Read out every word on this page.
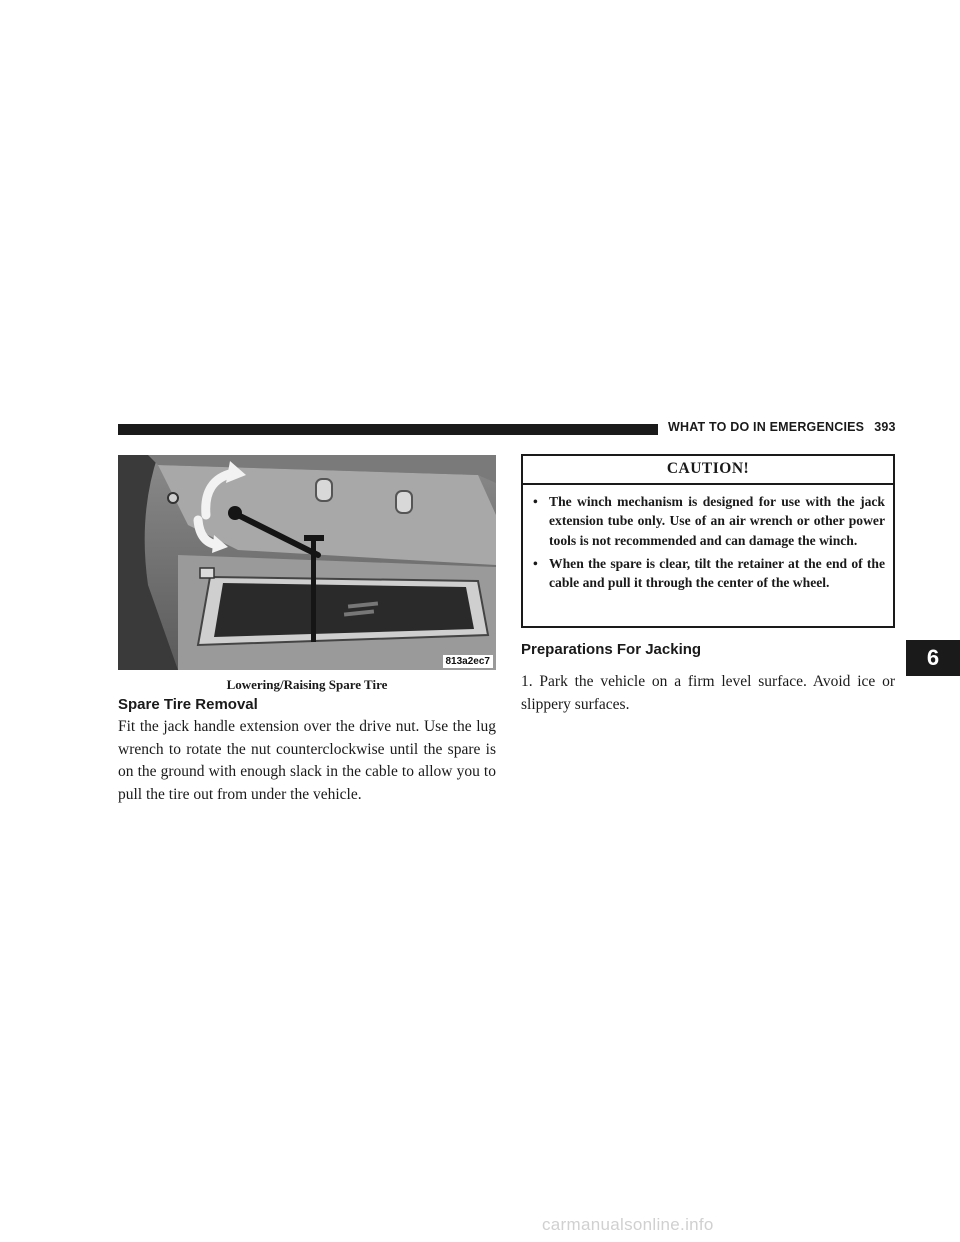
WHAT TO DO IN EMERGENCIES 393
813a2ec7
Lowering/Raising Spare Tire
Spare Tire Removal
Fit the jack handle extension over the drive nut. Use the lug wrench to rotate the nut counterclockwise until the spare is on the ground with enough slack in the cable to allow you to pull the tire out from under the vehicle.
CAUTION!
• The winch mechanism is designed for use with the jack extension tube only. Use of an air wrench or other power tools is not recommended and can damage the winch.
• When the spare is clear, tilt the retainer at the end of the cable and pull it through the center of the wheel.
Preparations For Jacking
1. Park the vehicle on a firm level surface. Avoid ice or slippery surfaces.
6
carmanualsonline.info
